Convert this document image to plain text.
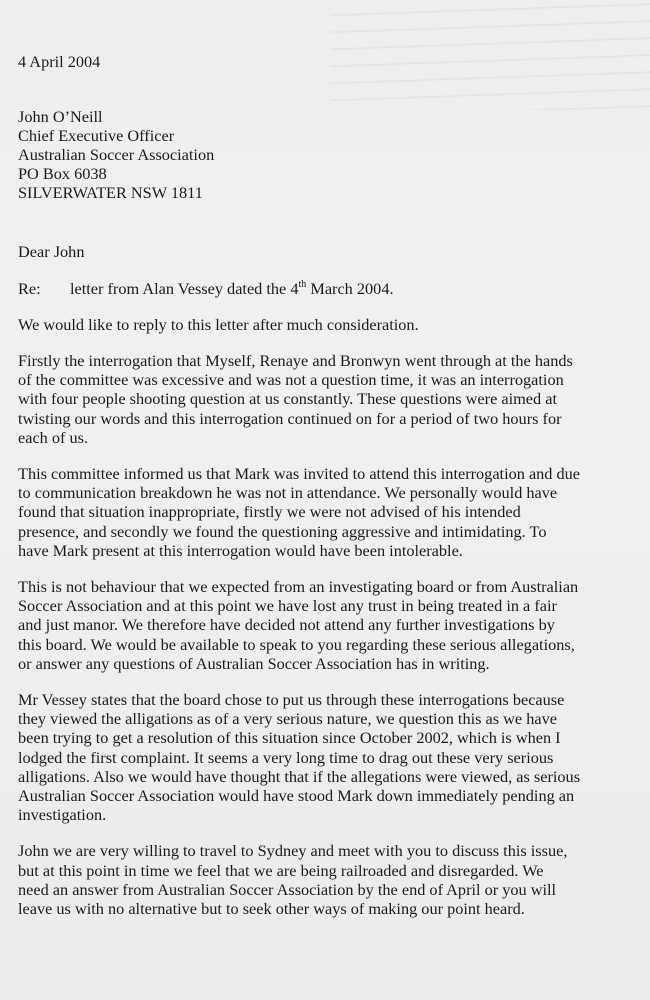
4 April 2004
John O’Neill
Chief Executive Officer
Australian Soccer Association
PO Box 6038
SILVERWATER NSW 1811
Dear John
Re: letter from Alan Vessey dated the 4th March 2004.
We would like to reply to this letter after much consideration.
Firstly the interrogation that Myself, Renaye and Bronwyn went through at the hands
of the committee was excessive and was not a question time, it was an interrogation
with four people shooting question at us constantly. These questions were aimed at
twisting our words and this interrogation continued on for a period of two hours for
each of us.
This committee informed us that Mark was invited to attend this interrogation and due
to communication breakdown he was not in attendance. We personally would have
found that situation inappropriate, firstly we were not advised of his intended
presence, and secondly we found the questioning aggressive and intimidating. To
have Mark present at this interrogation would have been intolerable.
This is not behaviour that we expected from an investigating board or from Australian
Soccer Association and at this point we have lost any trust in being treated in a fair
and just manor. We therefore have decided not attend any further investigations by
this board. We would be available to speak to you regarding these serious allegations,
or answer any questions of Australian Soccer Association has in writing.
Mr Vessey states that the board chose to put us through these interrogations because
they viewed the alligations as of a very serious nature, we question this as we have
been trying to get a resolution of this situation since October 2002, which is when I
lodged the first complaint. It seems a very long time to drag out these very serious
alligations. Also we would have thought that if the allegations were viewed, as serious
Australian Soccer Association would have stood Mark down immediately pending an
investigation.
John we are very willing to travel to Sydney and meet with you to discuss this issue,
but at this point in time we feel that we are being railroaded and disregarded. We
need an answer from Australian Soccer Association by the end of April or you will
leave us with no alternative but to seek other ways of making our point heard.
